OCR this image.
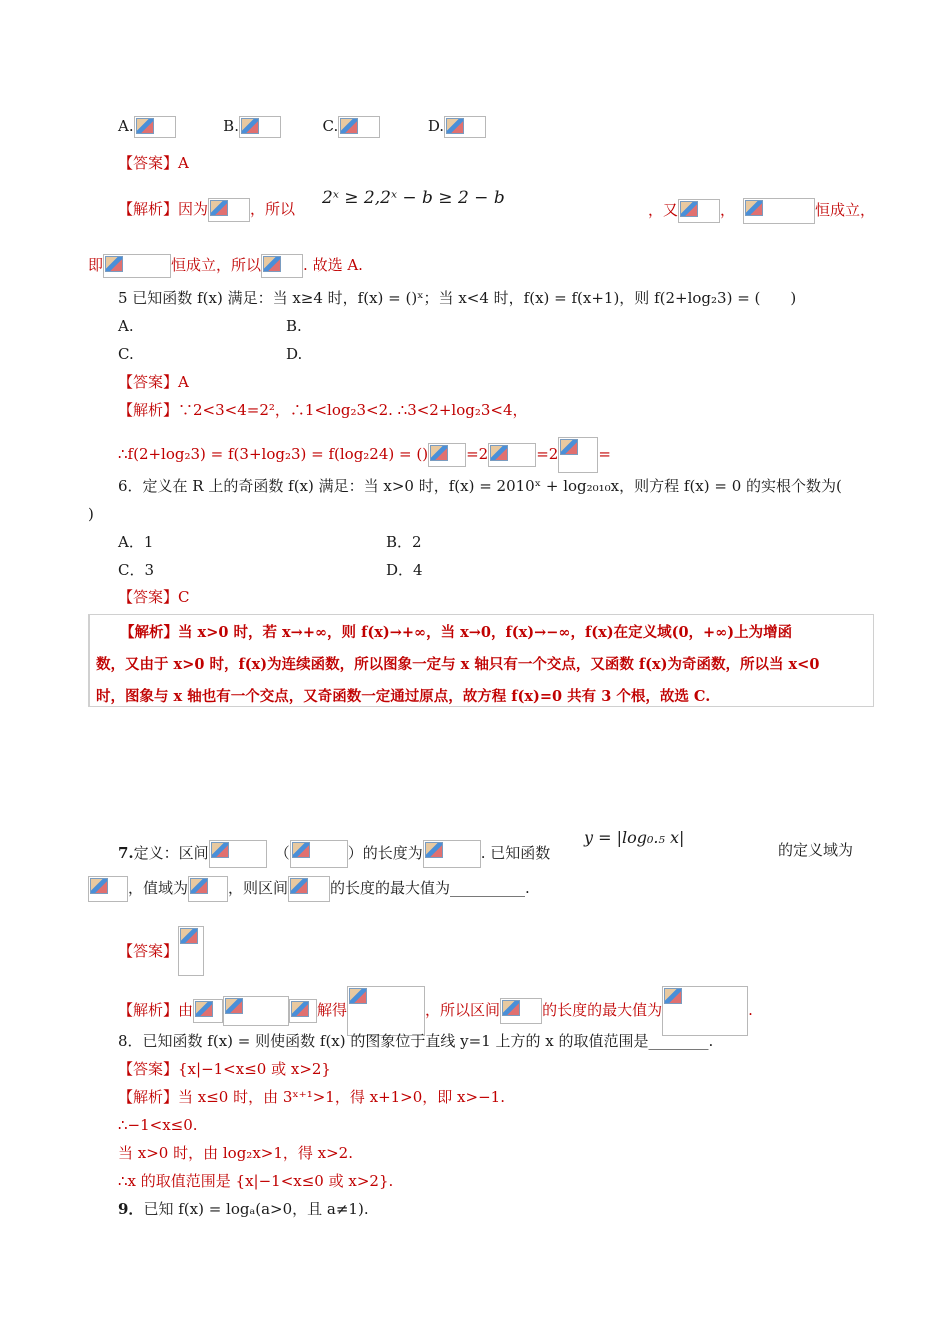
A.	B.	C.	D.
【答案】A
【解析】因为	，所以
2ˣ ≥ 2,2ˣ − b ≥ 2 − b
，又	，	恒成立，
即	恒成立，所以	. 故选 A.
5 已知函数 f(x) 满足：当 x≥4 时，f(x) = ()ˣ；当 x<4 时，f(x) = f(x+1)，则 f(2+log₂3) = (　　)
A.	B.
C.	D.
【答案】A
【解析】∵2<3<4=2²，∴1<log₂3<2. ∴3<2+log₂3<4，
∴f(2+log₂3) = f(3+log₂3) = f(log₂24) = ()	=2	=2	=
6．定义在 R 上的奇函数 f(x) 满足：当 x>0 时，f(x) = 2010ˣ + log₂₀₁₀x，则方程 f(x) = 0 的实根个数为(
)
A．1	B．2
C．3	D．4
【答案】C
【解析】当 x>0 时，若 x→+∞，则 f(x)→+∞，当 x→0，f(x)→−∞，f(x)在定义域(0，+∞)上为增函
数，又由于 x>0 时，f(x)为连续函数，所以图象一定与 x 轴只有一个交点，又函数 f(x)为奇函数，所以当 x<0
时，图象与 x 轴也有一个交点，又奇函数一定通过原点，故方程 f(x)=0 共有 3 个根，故选 C.
7.定义：区间	（	）的长度为	. 已知函数
y = |log₀.₅ x|
的定义域为
，值域为	，则区间	的长度的最大值为__________.
【答案】
【解析】由	解得	，所以区间	的长度的最大值为	.
8．已知函数 f(x) = 则使函数 f(x) 的图象位于直线 y=1 上方的 x 的取值范围是________.
【答案】{x|−1<x≤0 或 x>2}
【解析】当 x≤0 时，由 3ˣ⁺¹>1，得 x+1>0，即 x>−1.
∴−1<x≤0.
当 x>0 时，由 log₂x>1，得 x>2.
∴x 的取值范围是 {x|−1<x≤0 或 x>2}.
9．已知 f(x) = logₐ(a>0，且 a≠1).
